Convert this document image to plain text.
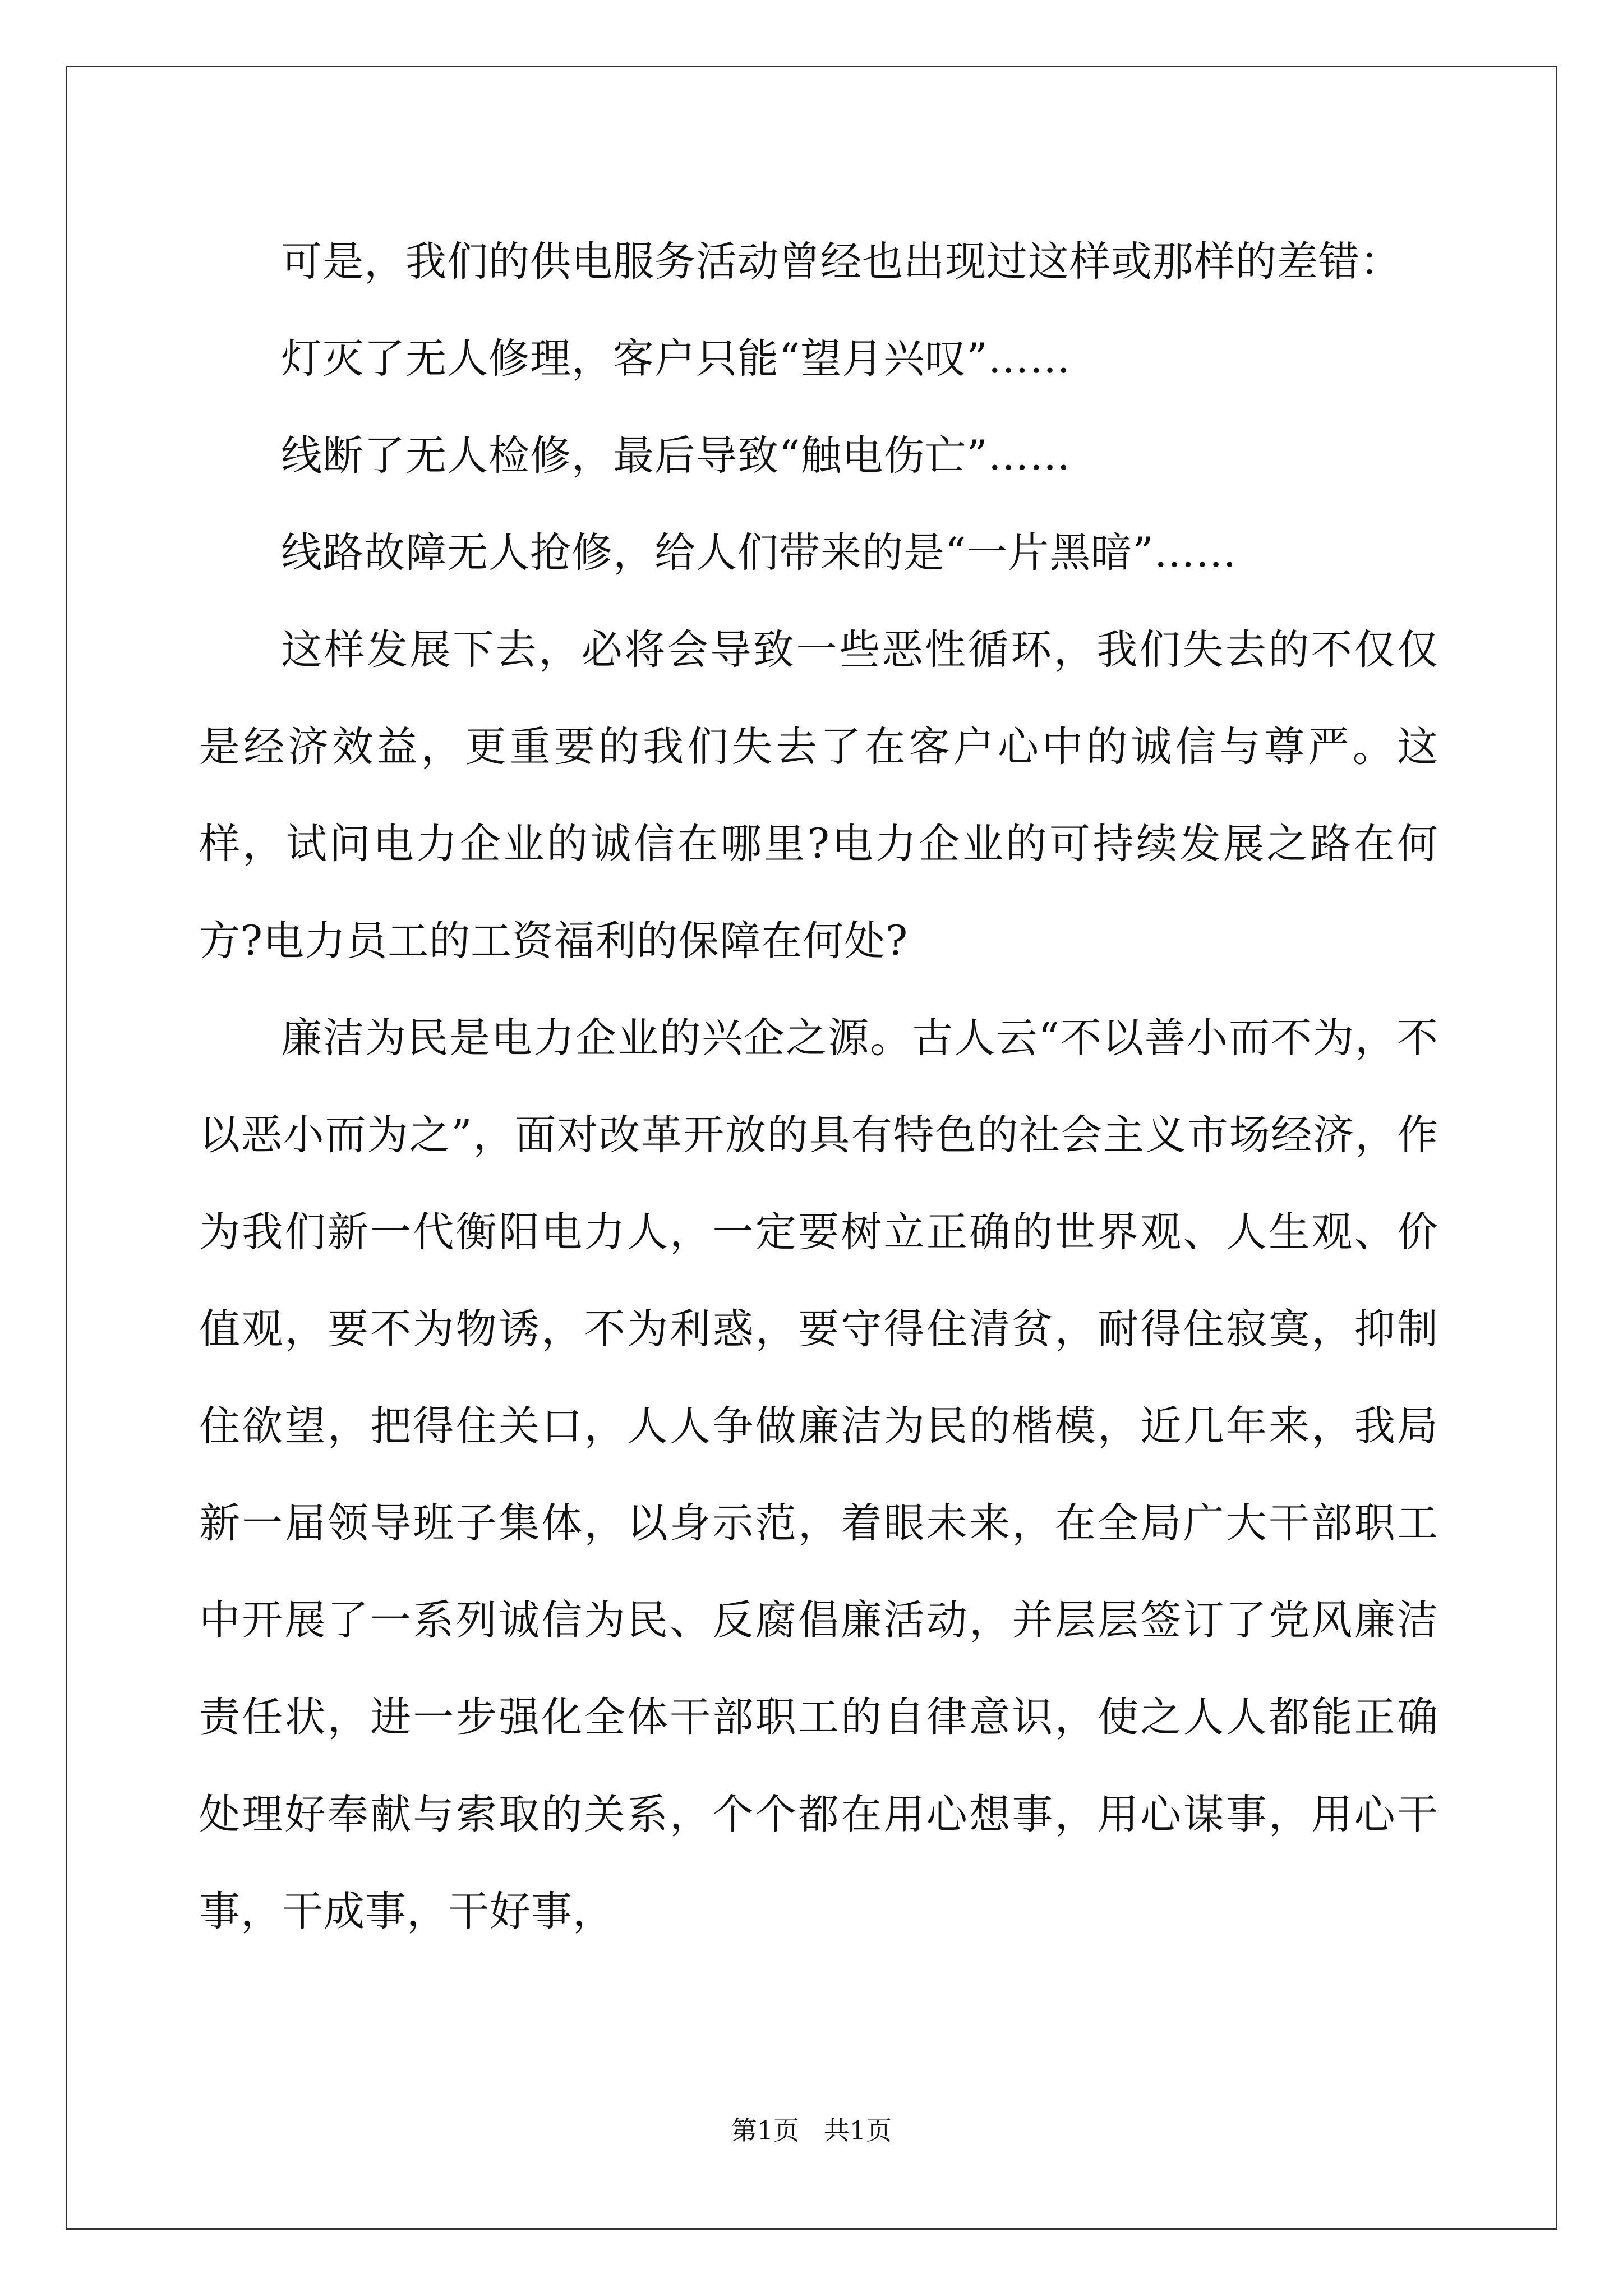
可是，我们的供电服务活动曾经也出现过这样或那样的差错：

灯灭了无人修理，客户只能“望月兴叹”……

线断了无人检修，最后导致“触电伤亡”……

线路故障无人抢修，给人们带来的是“一片黑暗”……

这样发展下去，必将会导致一些恶性循环，我们失去的不仅仅是经济效益，更重要的我们失去了在客户心中的诚信与尊严。这样，试问电力企业的诚信在哪里?电力企业的可持续发展之路在何方?电力员工的工资福利的保障在何处?

廉洁为民是电力企业的兴企之源。古人云“不以善小而不为，不以恶小而为之”，面对改革开放的具有特色的社会主义市场经济，作为我们新一代衡阳电力人，一定要树立正确的世界观、人生观、价值观，要不为物诱，不为利惑，要守得住清贫，耐得住寂寞，抑制住欲望，把得住关口，人人争做廉洁为民的楷模，近几年来，我局新一届领导班子集体，以身示范，着眼未来，在全局广大干部职工中开展了一系列诚信为民、反腐倡廉活动，并层层签订了党风廉洁责任状，进一步强化全体干部职工的自律意识，使之人人都能正确处理好奉献与索取的关系，个个都在用心想事，用心谋事，用心干事，干成事，干好事，

第1页   共1页
